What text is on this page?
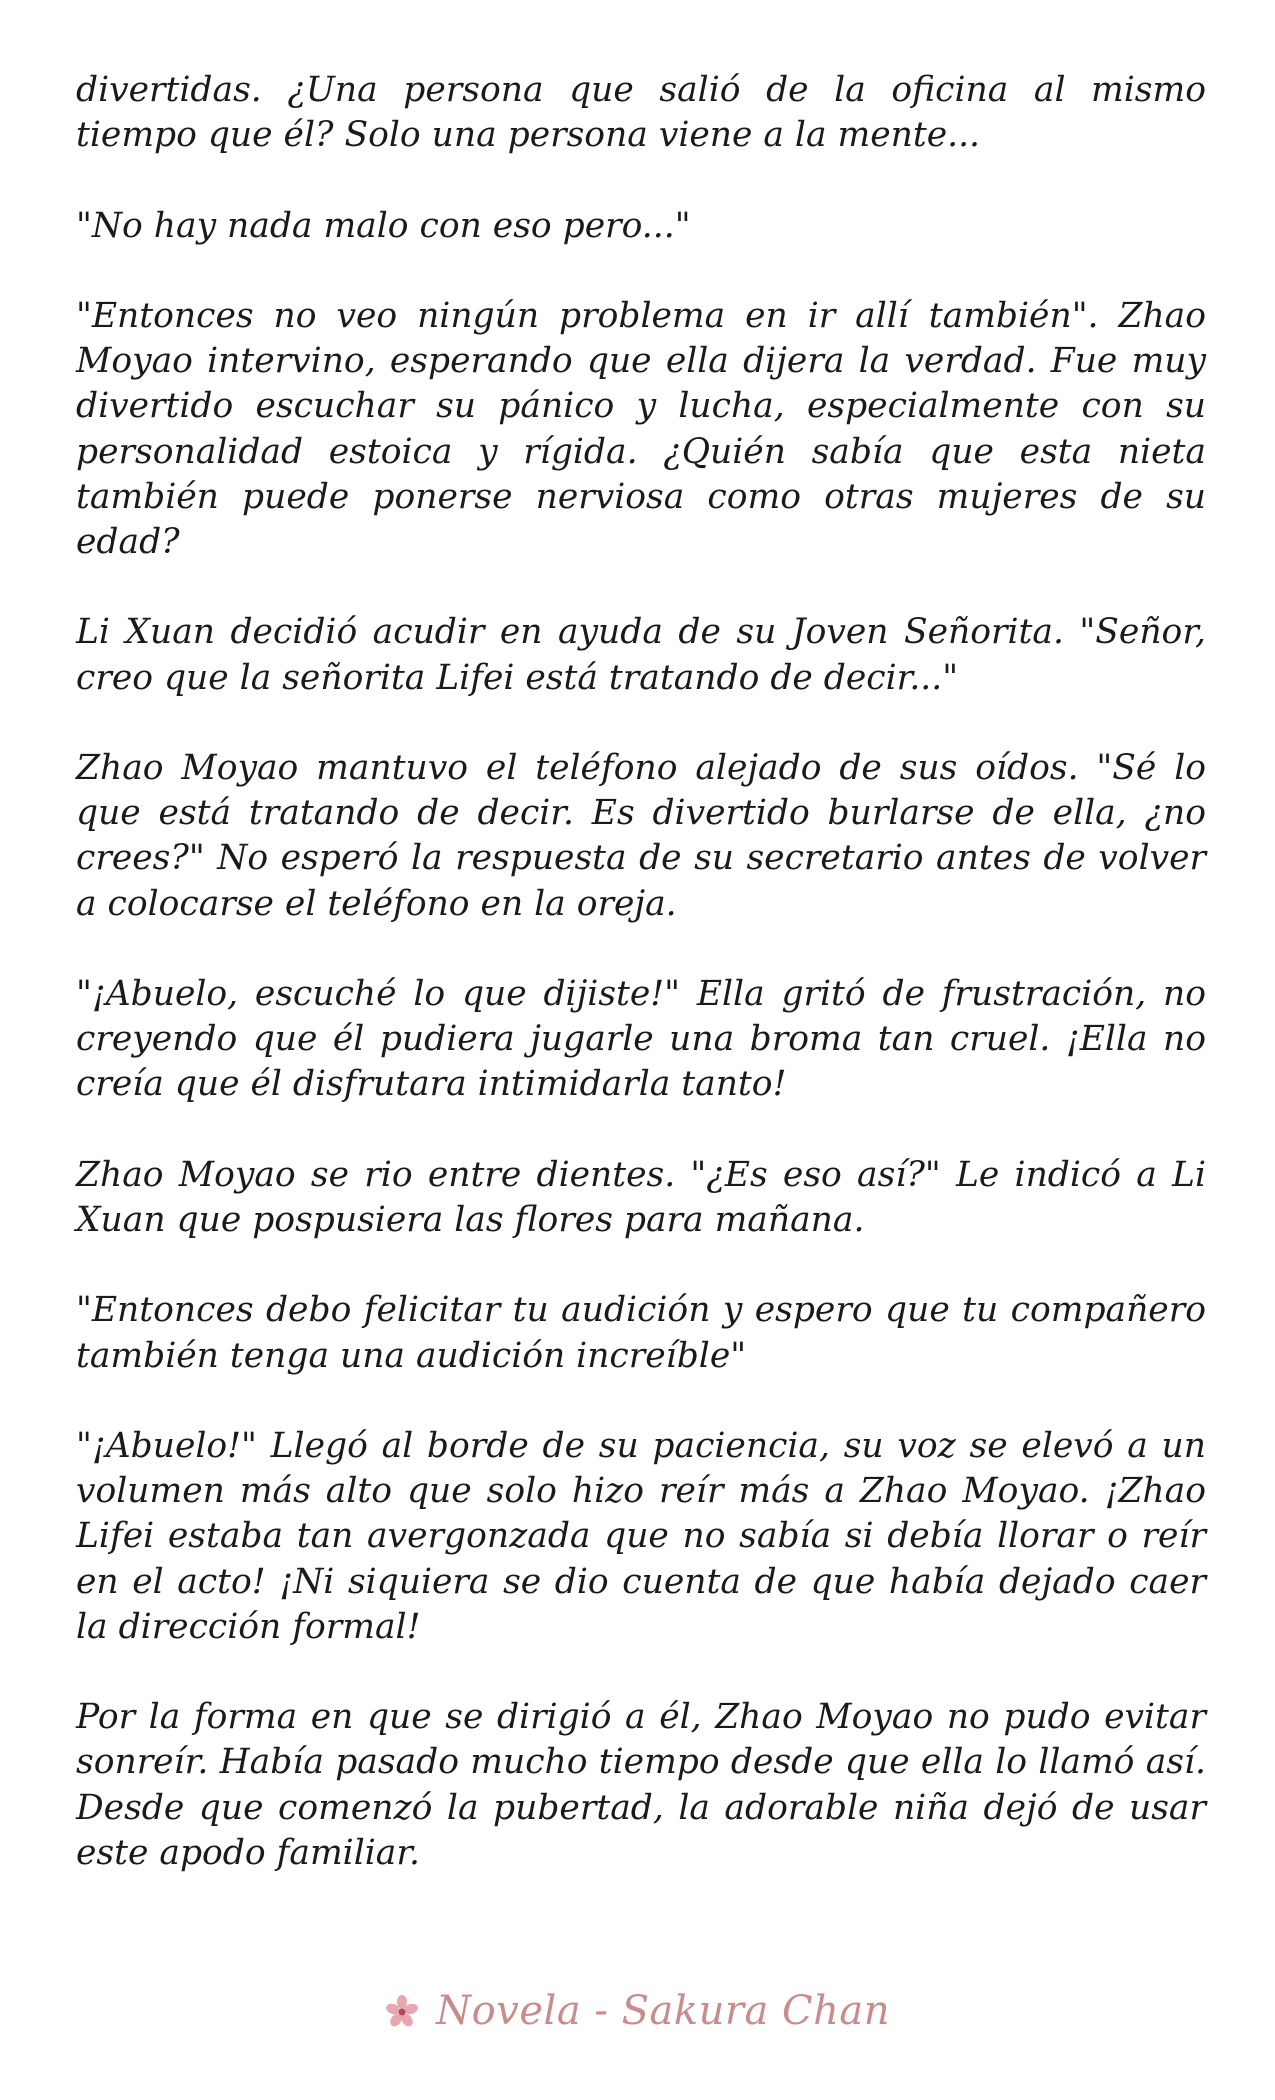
divertidas. ¿Una persona que salió de la oficina al mismo tiempo que él? Solo una persona viene a la mente...

"No hay nada malo con eso pero..."

"Entonces no veo ningún problema en ir allí también". Zhao Moyao intervino, esperando que ella dijera la verdad. Fue muy divertido escuchar su pánico y lucha, especialmente con su personalidad estoica y rígida. ¿Quién sabía que esta nieta también puede ponerse nerviosa como otras mujeres de su edad?

Li Xuan decidió acudir en ayuda de su Joven Señorita. "Señor, creo que la señorita Lifei está tratando de decir..."

Zhao Moyao mantuvo el teléfono alejado de sus oídos. "Sé lo que está tratando de decir. Es divertido burlarse de ella, ¿no crees?" No esperó la respuesta de su secretario antes de volver a colocarse el teléfono en la oreja.

"¡Abuelo, escuché lo que dijiste!" Ella gritó de frustración, no creyendo que él pudiera jugarle una broma tan cruel. ¡Ella no creía que él disfrutara intimidarla tanto!

Zhao Moyao se rio entre dientes. "¿Es eso así?" Le indicó a Li Xuan que pospusiera las flores para mañana.

"Entonces debo felicitar tu audición y espero que tu compañero también tenga una audición increíble"

"¡Abuelo!" Llegó al borde de su paciencia, su voz se elevó a un volumen más alto que solo hizo reír más a Zhao Moyao. ¡Zhao Lifei estaba tan avergonzada que no sabía si debía llorar o reír en el acto! ¡Ni siquiera se dio cuenta de que había dejado caer la dirección formal!

Por la forma en que se dirigió a él, Zhao Moyao no pudo evitar sonreír. Había pasado mucho tiempo desde que ella lo llamó así. Desde que comenzó la pubertad, la adorable niña dejó de usar este apodo familiar.

Novela - Sakura Chan
